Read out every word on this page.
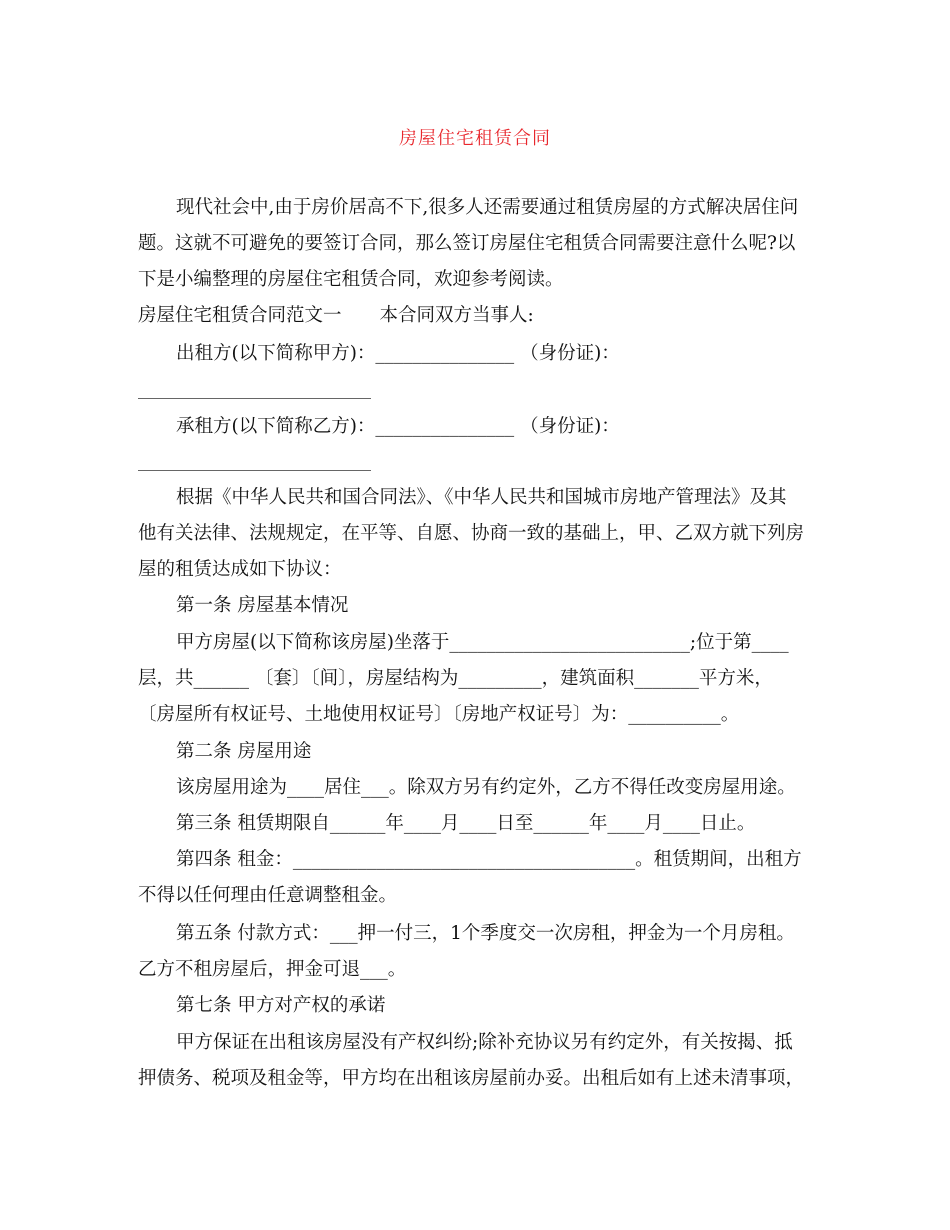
房屋住宅租赁合同
现代社会中,由于房价居高不下,很多人还需要通过租赁房屋的方式解决居住问
题。这就不可避免的要签订合同，那么签订房屋住宅租赁合同需要注意什么呢?以
下是小编整理的房屋住宅租赁合同，欢迎参考阅读。
房屋住宅租赁合同范文一 本合同双方当事人:
出租方(以下简称甲方)：_______________ （身份证)：
承租方(以下简称乙方)：_______________ （身份证)：
根据《中华人民共和国合同法》、《中华人民共和国城市房地产管理法》及其
他有关法律、法规规定，在平等、自愿、协商一致的基础上，甲、乙双方就下列房
屋的租赁达成如下协议：
第一条 房屋基本情况
甲方房屋(以下简称该房屋)坐落于__________________________;位于第____
层，共______ 〔套〕〔间〕，房屋结构为_________，建筑面积_______平方米，
〔房屋所有权证号、土地使用权证号〕〔房地产权证号〕为：__________。
第二条 房屋用途
该房屋用途为____居住___。除双方另有约定外，乙方不得任改变房屋用途。
第三条 租赁期限自______年____月____日至______年____月____日止。
第四条 租金：_____________________________________。租赁期间，出租方
不得以任何理由任意调整租金。
第五条 付款方式：___押一付三，1个季度交一次房租，押金为一个月房租。
乙方不租房屋后，押金可退___。
第七条 甲方对产权的承诺
甲方保证在出租该房屋没有产权纠纷;除补充协议另有约定外，有关按揭、抵
押债务、税项及租金等，甲方均在出租该房屋前办妥。出租后如有上述未清事项，
